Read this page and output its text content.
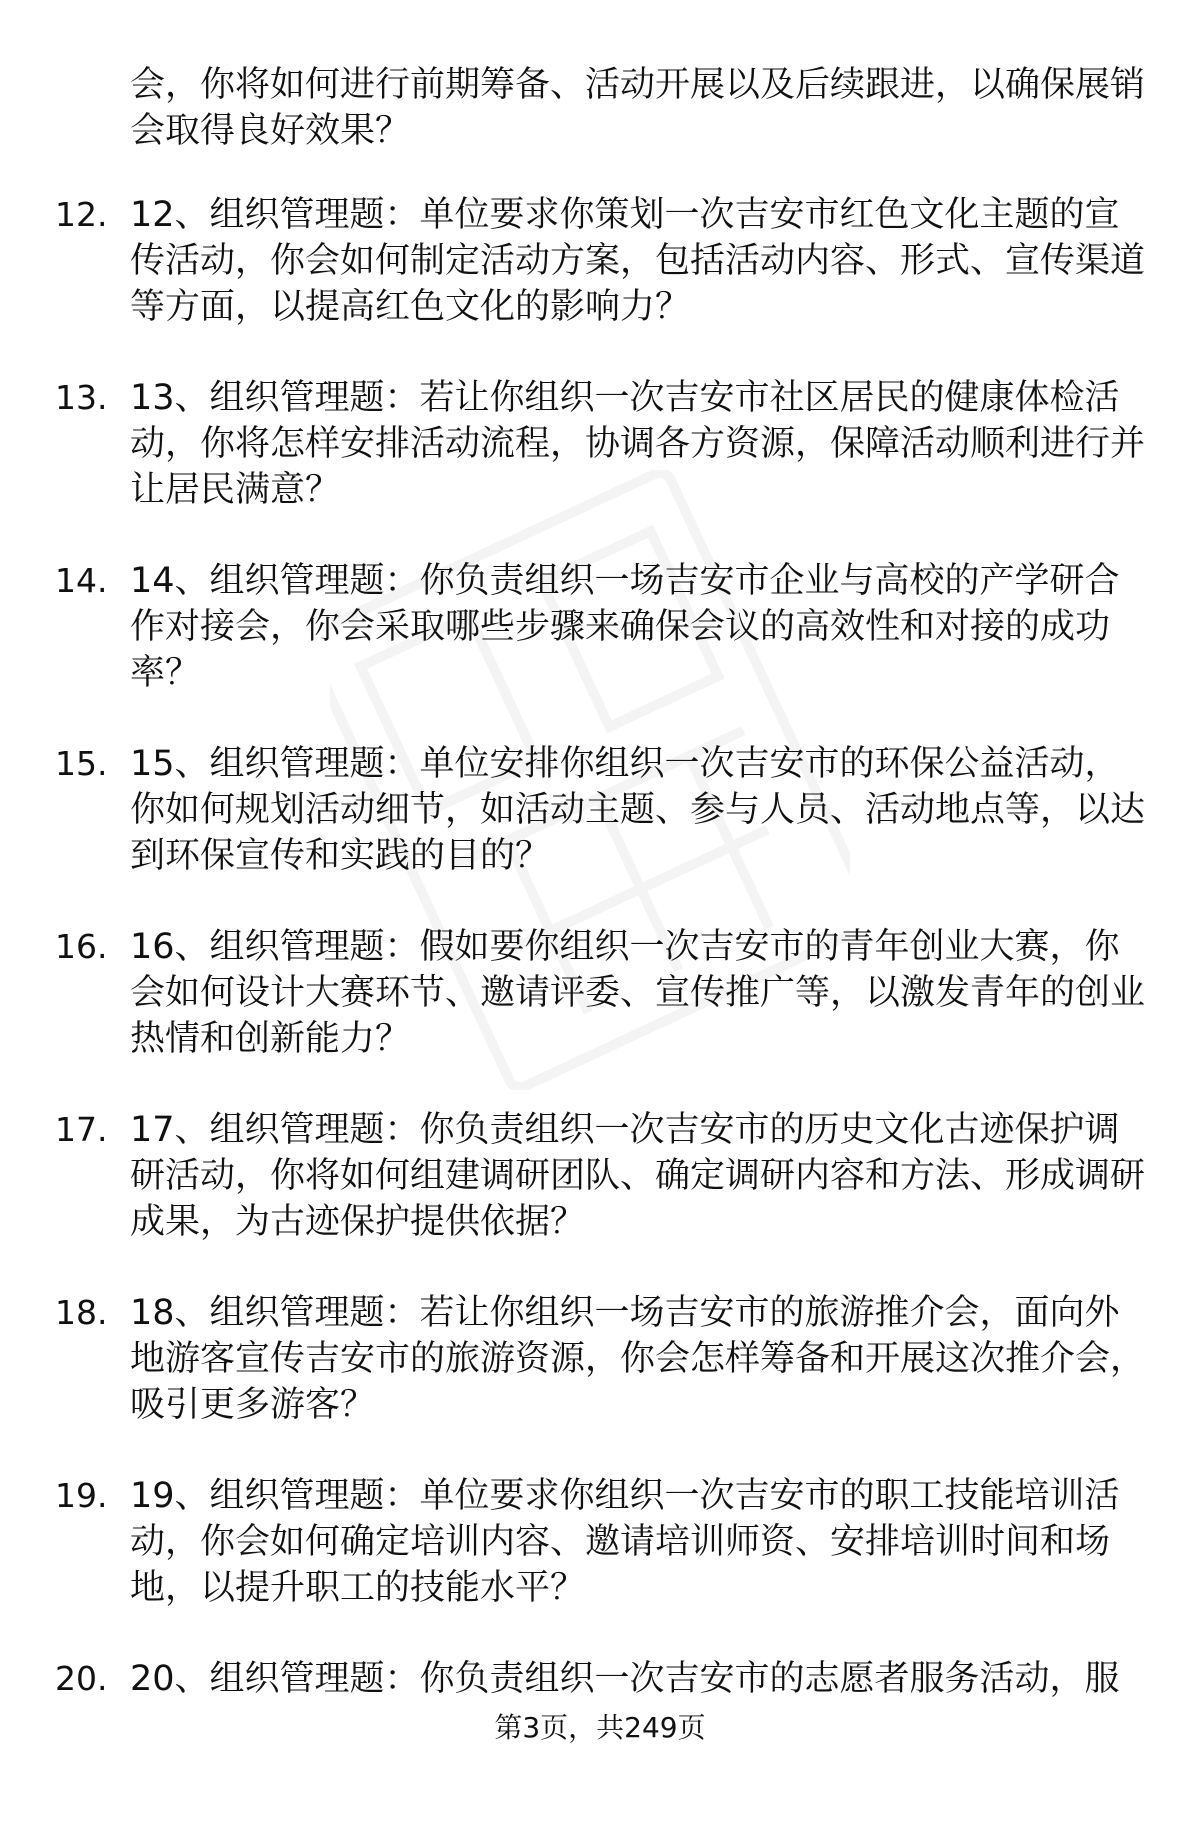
会，你将如何进行前期筹备、活动开展以及后续跟进，以确保展销会取得良好效果？

12. 12、组织管理题：单位要求你策划一次吉安市红色文化主题的宣传活动，你会如何制定活动方案，包括活动内容、形式、宣传渠道等方面，以提高红色文化的影响力？

13. 13、组织管理题：若让你组织一次吉安市社区居民的健康体检活动，你将怎样安排活动流程，协调各方资源，保障活动顺利进行并让居民满意？

14. 14、组织管理题：你负责组织一场吉安市企业与高校的产学研合作对接会，你会采取哪些步骤来确保会议的高效性和对接的成功率？

15. 15、组织管理题：单位安排你组织一次吉安市的环保公益活动，你如何规划活动细节，如活动主题、参与人员、活动地点等，以达到环保宣传和实践的目的？

16. 16、组织管理题：假如要你组织一次吉安市的青年创业大赛，你会如何设计大赛环节、邀请评委、宣传推广等，以激发青年的创业热情和创新能力？

17. 17、组织管理题：你负责组织一次吉安市的历史文化古迹保护调研活动，你将如何组建调研团队、确定调研内容和方法、形成调研成果，为古迹保护提供依据？

18. 18、组织管理题：若让你组织一场吉安市的旅游推介会，面向外地游客宣传吉安市的旅游资源，你会怎样筹备和开展这次推介会，吸引更多游客？

19. 19、组织管理题：单位要求你组织一次吉安市的职工技能培训活动，你会如何确定培训内容、邀请培训师资、安排培训时间和场地，以提升职工的技能水平？

20. 20、组织管理题：你负责组织一次吉安市的志愿者服务活动，服

第3页，共249页
